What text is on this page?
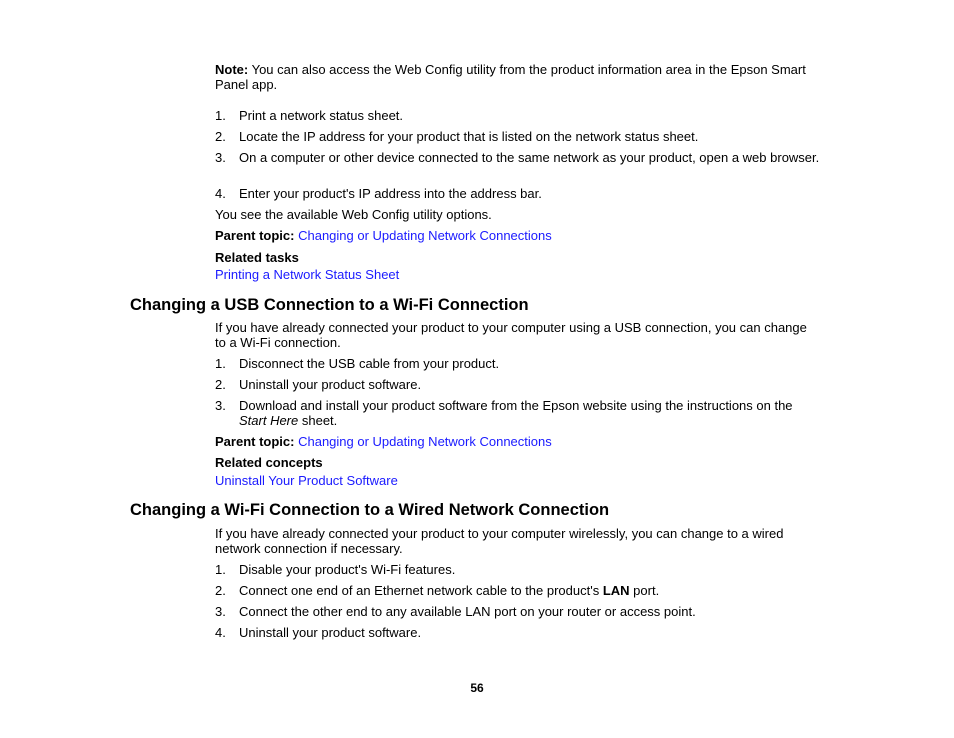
Note: You can also access the Web Config utility from the product information area in the Epson Smart Panel app.
1.	Print a network status sheet.
2.	Locate the IP address for your product that is listed on the network status sheet.
3.	On a computer or other device connected to the same network as your product, open a web browser.
4.	Enter your product's IP address into the address bar.
You see the available Web Config utility options.
Parent topic: Changing or Updating Network Connections
Related tasks
Printing a Network Status Sheet
Changing a USB Connection to a Wi-Fi Connection
If you have already connected your product to your computer using a USB connection, you can change to a Wi-Fi connection.
1.	Disconnect the USB cable from your product.
2.	Uninstall your product software.
3.	Download and install your product software from the Epson website using the instructions on the Start Here sheet.
Parent topic: Changing or Updating Network Connections
Related concepts
Uninstall Your Product Software
Changing a Wi-Fi Connection to a Wired Network Connection
If you have already connected your product to your computer wirelessly, you can change to a wired network connection if necessary.
1.	Disable your product's Wi-Fi features.
2.	Connect one end of an Ethernet network cable to the product's LAN port.
3.	Connect the other end to any available LAN port on your router or access point.
4.	Uninstall your product software.
56
